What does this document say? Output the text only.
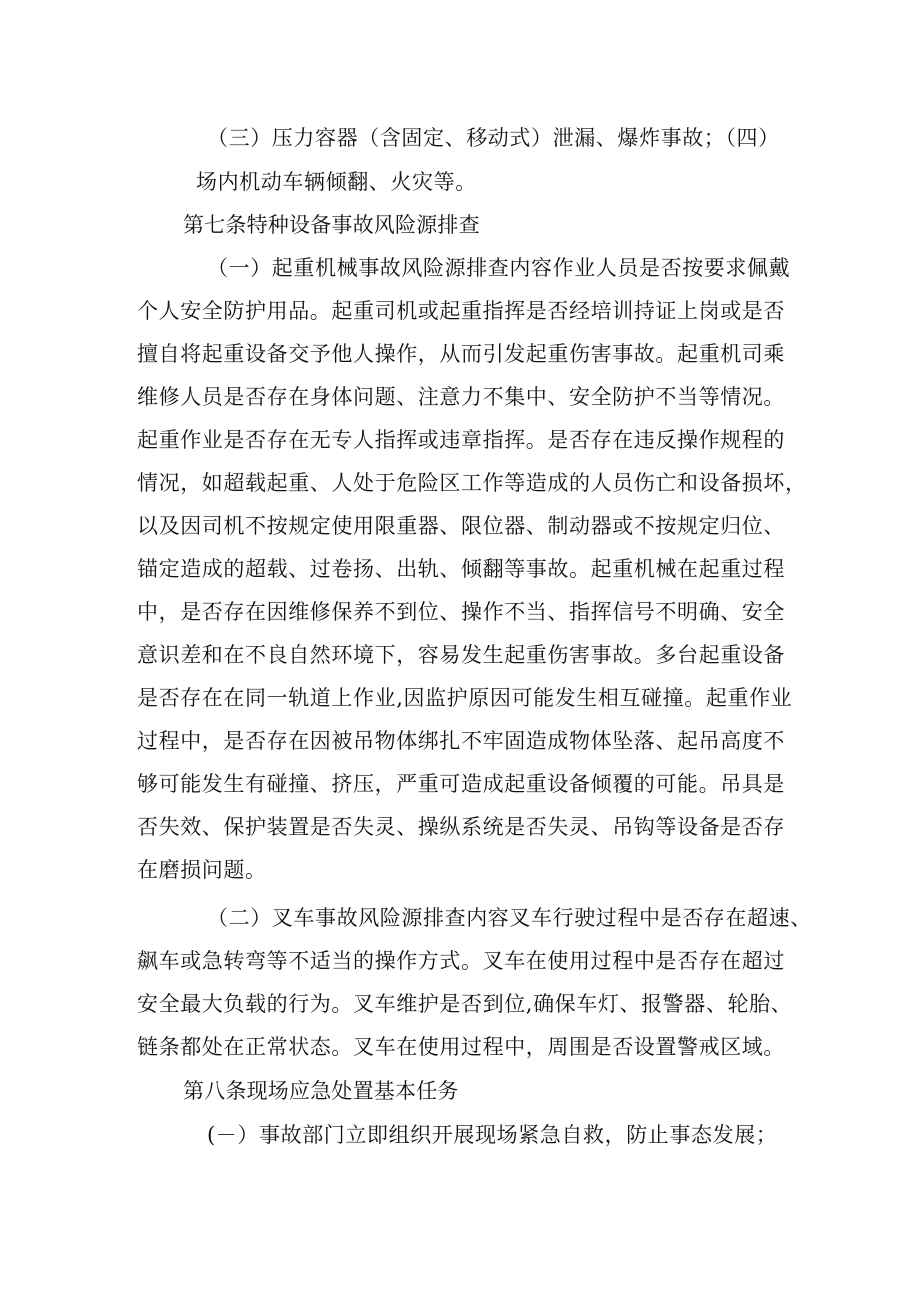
（三）压力容器（含固定、移动式）泄漏、爆炸事故；（四）
场内机动车辆倾翻、火灾等。
第七条特种设备事故风险源排查
（一）起重机械事故风险源排查内容作业人员是否按要求佩戴
个人安全防护用品。起重司机或起重指挥是否经培训持证上岗或是否
擅自将起重设备交予他人操作，从而引发起重伤害事故。起重机司乘
维修人员是否存在身体问题、注意力不集中、安全防护不当等情况。
起重作业是否存在无专人指挥或违章指挥。是否存在违反操作规程的
情况，如超载起重、人处于危险区工作等造成的人员伤亡和设备损坏，
以及因司机不按规定使用限重器、限位器、制动器或不按规定归位、
锚定造成的超载、过卷扬、出轨、倾翻等事故。起重机械在起重过程
中，是否存在因维修保养不到位、操作不当、指挥信号不明确、安全
意识差和在不良自然环境下，容易发生起重伤害事故。多台起重设备
是否存在在同一轨道上作业,因监护原因可能发生相互碰撞。起重作业
过程中，是否存在因被吊物体绑扎不牢固造成物体坠落、起吊高度不
够可能发生有碰撞、挤压，严重可造成起重设备倾覆的可能。吊具是
否失效、保护装置是否失灵、操纵系统是否失灵、吊钩等设备是否存
在磨损问题。
（二）叉车事故风险源排查内容叉车行驶过程中是否存在超速、
飙车或急转弯等不适当的操作方式。叉车在使用过程中是否存在超过
安全最大负载的行为。叉车维护是否到位,确保车灯、报警器、轮胎、
链条都处在正常状态。叉车在使用过程中，周围是否设置警戒区域。
第八条现场应急处置基本任务
(－）事故部门立即组织开展现场紧急自救，防止事态发展；
